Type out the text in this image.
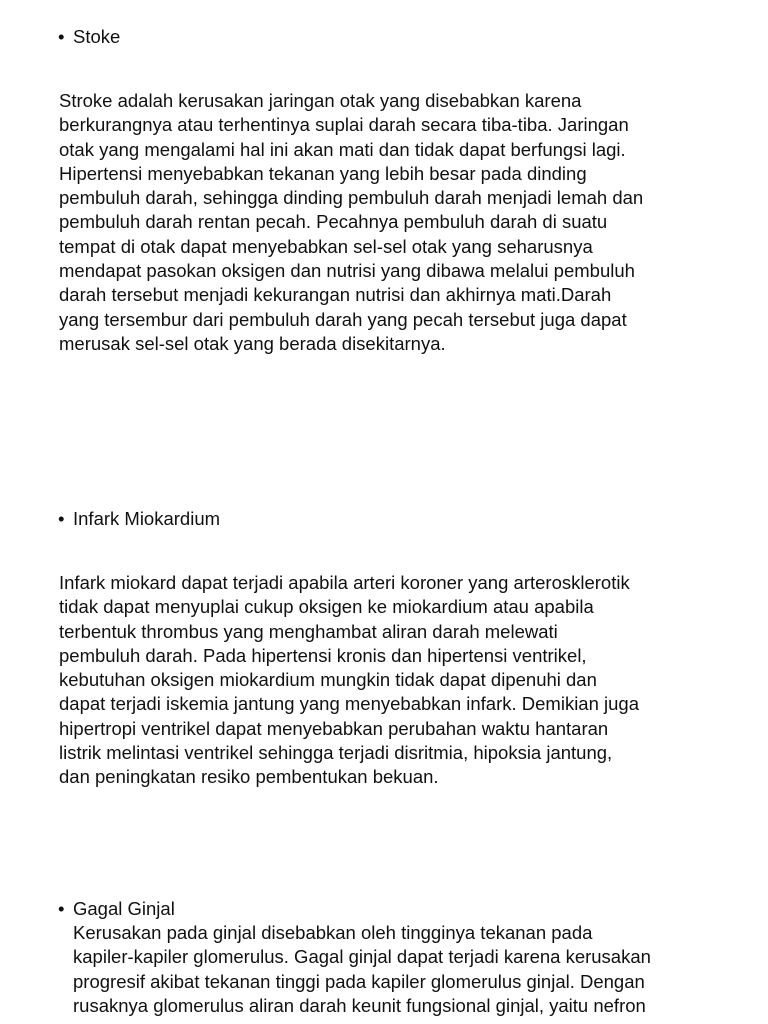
• Stoke

Stroke adalah kerusakan jaringan otak yang disebabkan karena
berkurangnya atau terhentinya suplai darah secara tiba-tiba. Jaringan
otak yang mengalami hal ini akan mati dan tidak dapat berfungsi lagi.
Hipertensi menyebabkan tekanan yang lebih besar pada dinding
pembuluh darah, sehingga dinding pembuluh darah menjadi lemah dan
pembuluh darah rentan pecah. Pecahnya pembuluh darah di suatu
tempat di otak dapat menyebabkan sel-sel otak yang seharusnya
mendapat pasokan oksigen dan nutrisi yang dibawa melalui pembuluh
darah tersebut menjadi kekurangan nutrisi dan akhirnya mati.Darah
yang tersembur dari pembuluh darah yang pecah tersebut juga dapat
merusak sel-sel otak yang berada disekitarnya.

• Infark Miokardium

Infark miokard dapat terjadi apabila arteri koroner yang arterosklerotik
tidak dapat menyuplai cukup oksigen ke miokardium atau apabila
terbentuk thrombus yang menghambat aliran darah melewati
pembuluh darah. Pada hipertensi kronis dan hipertensi ventrikel,
kebutuhan oksigen miokardium mungkin tidak dapat dipenuhi dan
dapat terjadi iskemia jantung yang menyebabkan infark. Demikian juga
hipertropi ventrikel dapat menyebabkan perubahan waktu hantaran
listrik melintasi ventrikel sehingga terjadi disritmia, hipoksia jantung,
dan peningkatan resiko pembentukan bekuan.

• Gagal Ginjal

Kerusakan pada ginjal disebabkan oleh tingginya tekanan pada
kapiler-kapiler glomerulus. Gagal ginjal dapat terjadi karena kerusakan
progresif akibat tekanan tinggi pada kapiler glomerulus ginjal. Dengan
rusaknya glomerulus aliran darah keunit fungsional ginjal, yaitu nefron
